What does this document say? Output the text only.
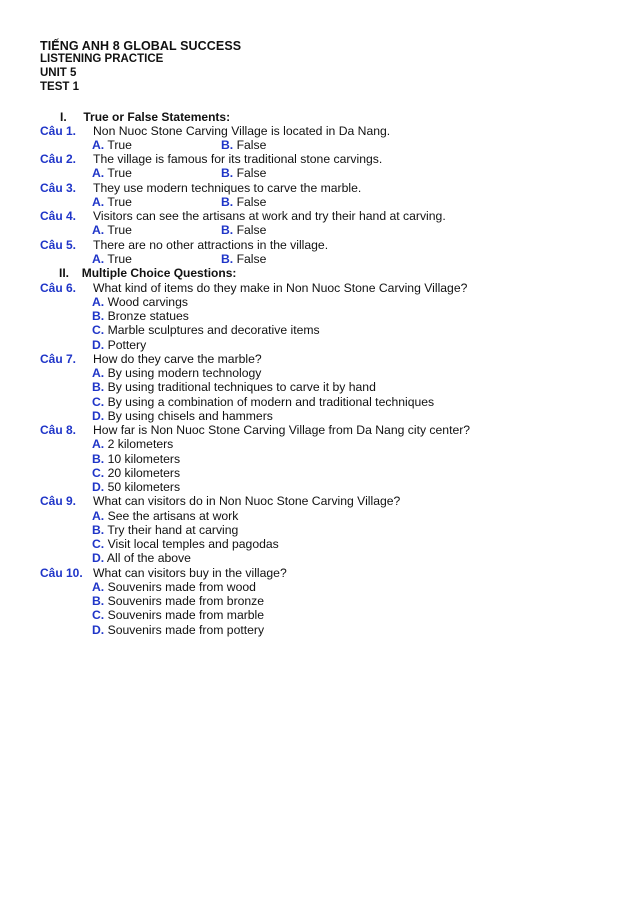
TIẾNG ANH 8 GLOBAL SUCCESS
LISTENING PRACTICE
UNIT 5
TEST 1
I. True or False Statements:
Câu 1. Non Nuoc Stone Carving Village is located in Da Nang.
A. True	B. False
Câu 2. The village is famous for its traditional stone carvings.
A. True	B. False
Câu 3. They use modern techniques to carve the marble.
A. True	B. False
Câu 4. Visitors can see the artisans at work and try their hand at carving.
A. True	B. False
Câu 5. There are no other attractions in the village.
A. True	B. False
II. Multiple Choice Questions:
Câu 6. What kind of items do they make in Non Nuoc Stone Carving Village?
A. Wood carvings
B. Bronze statues
C. Marble sculptures and decorative items
D. Pottery
Câu 7. How do they carve the marble?
A. By using modern technology
B. By using traditional techniques to carve it by hand
C. By using a combination of modern and traditional techniques
D. By using chisels and hammers
Câu 8. How far is Non Nuoc Stone Carving Village from Da Nang city center?
A. 2 kilometers
B. 10 kilometers
C. 20 kilometers
D. 50 kilometers
Câu 9. What can visitors do in Non Nuoc Stone Carving Village?
A. See the artisans at work
B. Try their hand at carving
C. Visit local temples and pagodas
D. All of the above
Câu 10. What can visitors buy in the village?
A. Souvenirs made from wood
B. Souvenirs made from bronze
C. Souvenirs made from marble
D. Souvenirs made from pottery
